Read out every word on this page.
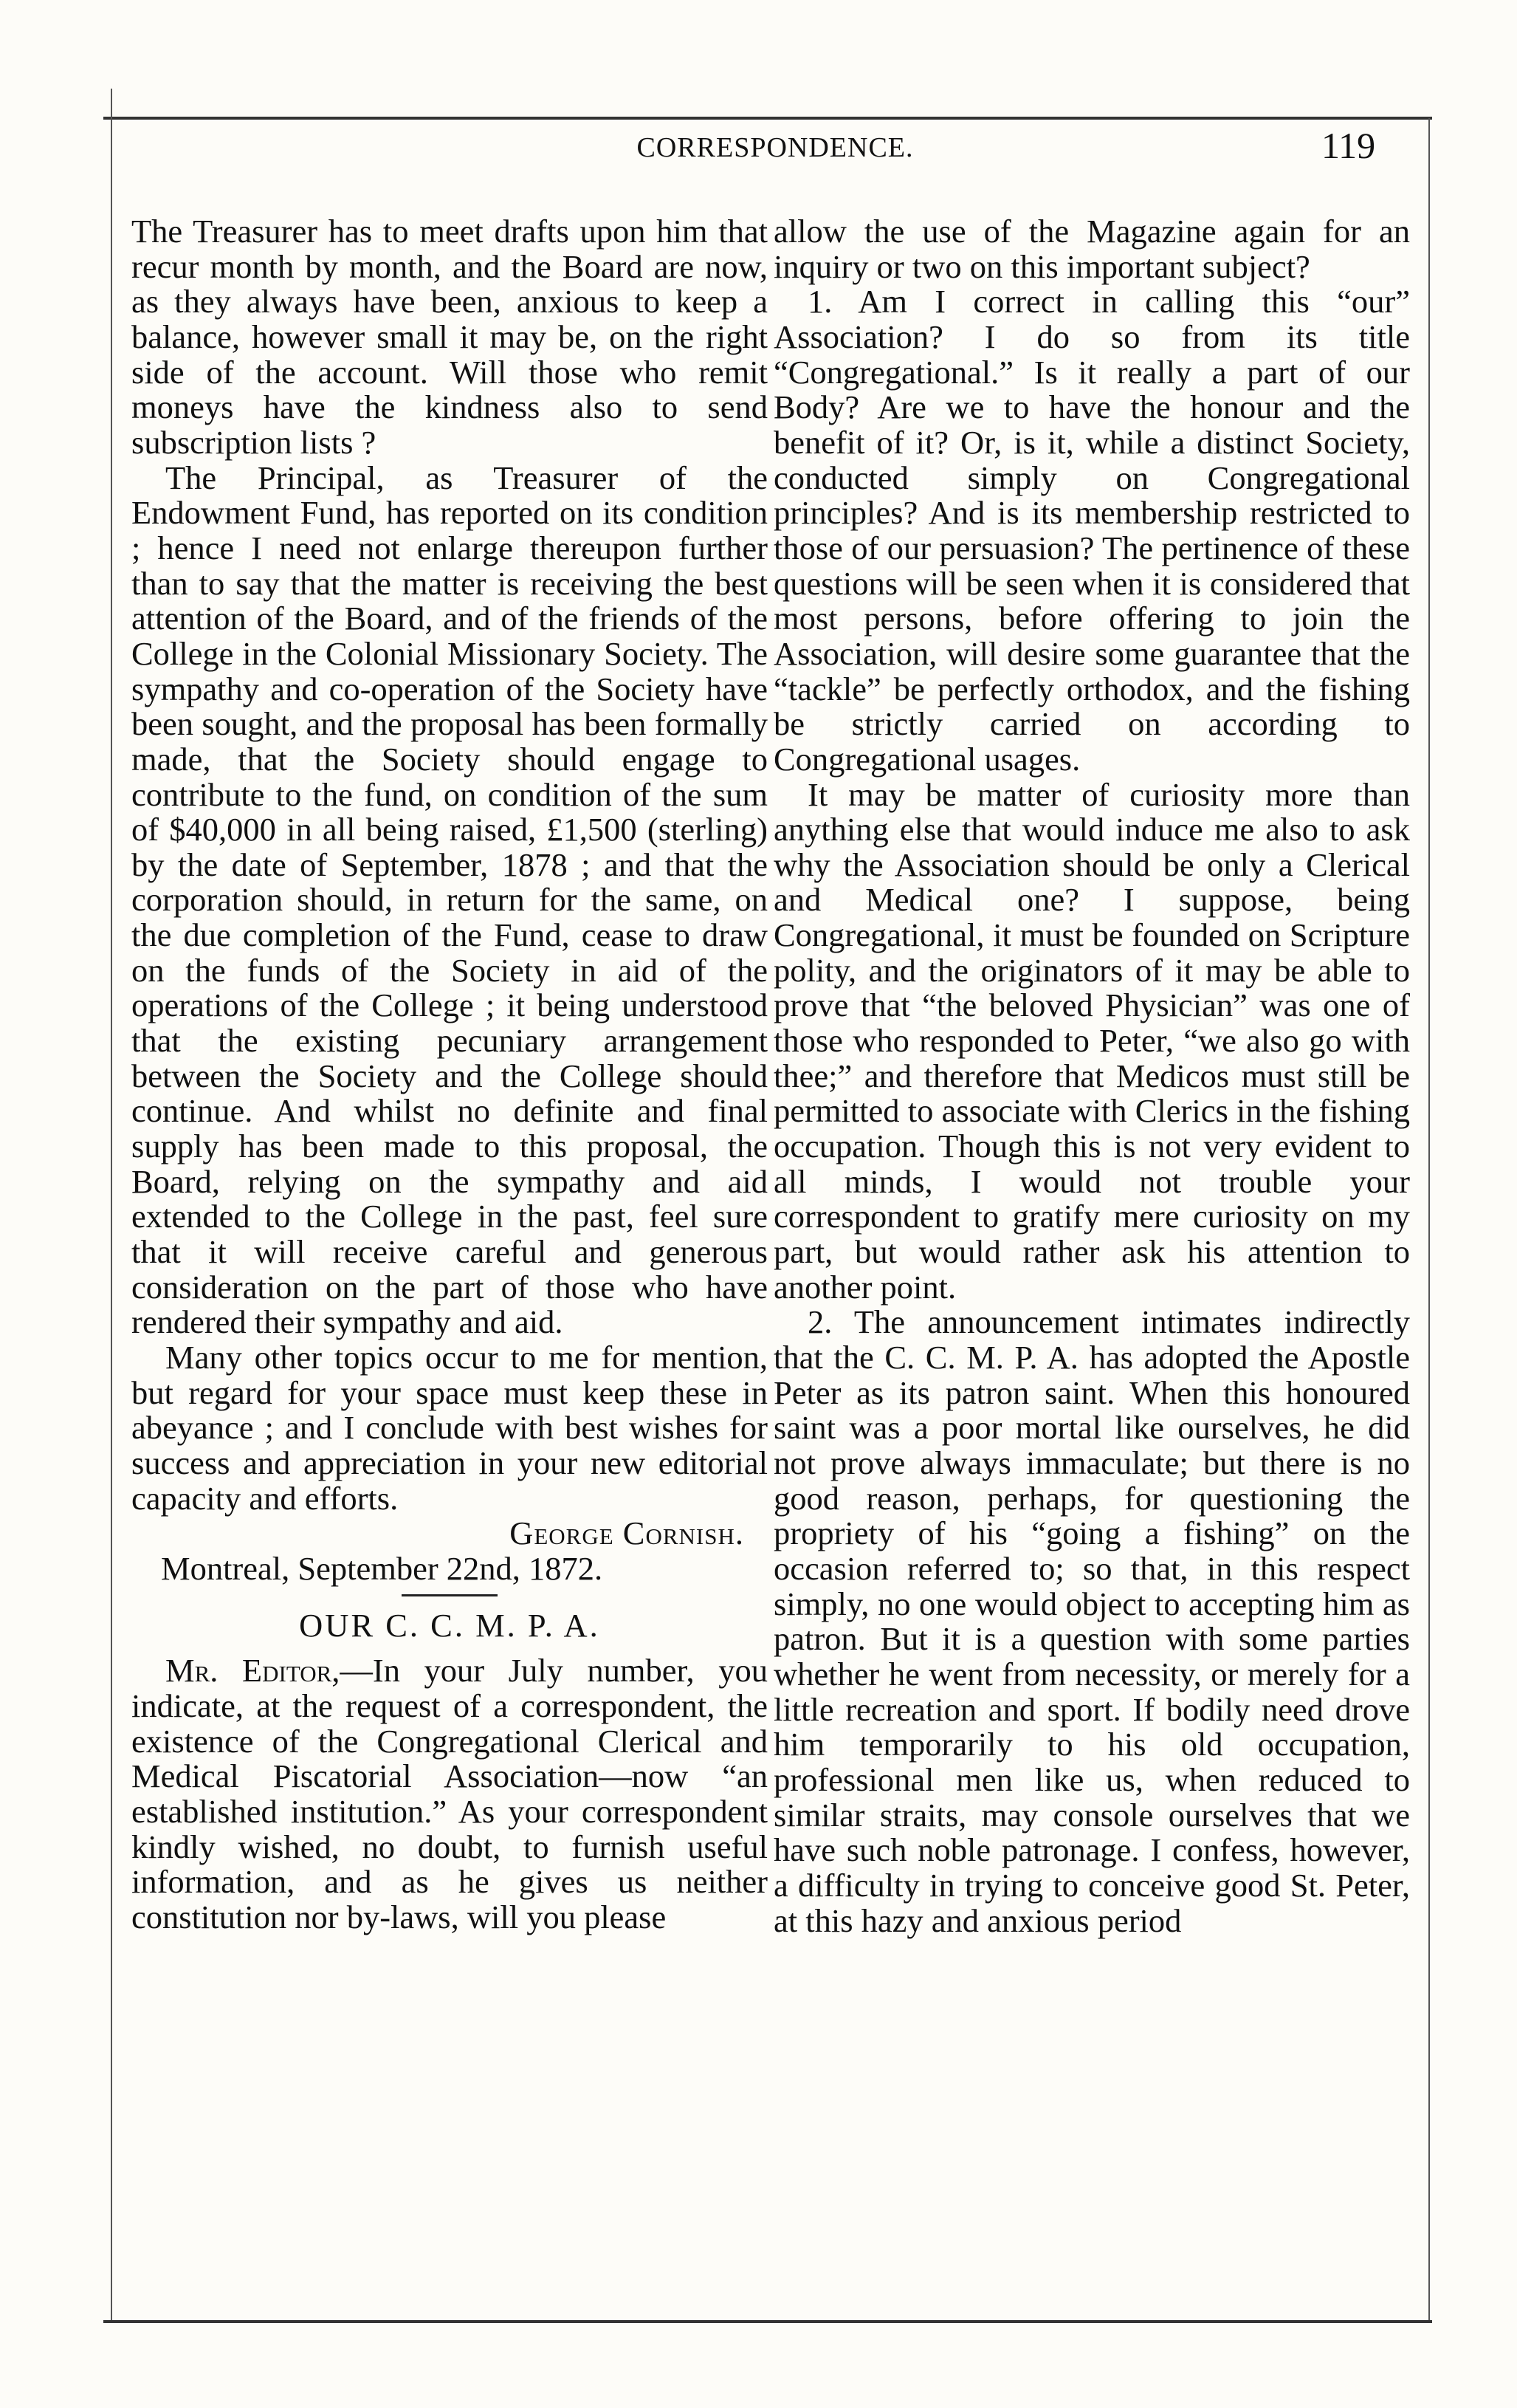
CORRESPONDENCE.	119

The Treasurer has to meet drafts upon him that recur month by month, and the Board are now, as they always have been, anxious to keep a balance, however small it may be, on the right side of the account. Will those who remit moneys have the kindness also to send subscription lists ?

The Principal, as Treasurer of the Endowment Fund, has reported on its condition ; hence I need not enlarge thereupon further than to say that the matter is receiving the best attention of the Board, and of the friends of the College in the Colonial Missionary Society. The sympathy and co-operation of the Society have been sought, and the proposal has been formally made, that the Society should engage to contribute to the fund, on condition of the sum of $40,000 in all being raised, £1,500 (sterling) by the date of September, 1878 ; and that the corporation should, in return for the same, on the due completion of the Fund, cease to draw on the funds of the Society in aid of the operations of the College ; it being understood that the existing pecuniary arrangement between the Society and the College should continue. And whilst no definite and final supply has been made to this proposal, the Board, relying on the sympathy and aid extended to the College in the past, feel sure that it will receive careful and generous consideration on the part of those who have rendered their sympathy and aid.

Many other topics occur to me for mention, but regard for your space must keep these in abeyance ; and I conclude with best wishes for success and appreciation in your new editorial capacity and efforts.

George Cornish.

Montreal, September 22nd, 1872.

OUR C. C. M. P. A.

Mr. Editor,—In your July number, you indicate, at the request of a correspondent, the existence of the Congregational Clerical and Medical Piscatorial Association—now “an established institution.” As your correspondent kindly wished, no doubt, to furnish useful information, and as he gives us neither constitution nor by-laws, will you please

allow the use of the Magazine again for an inquiry or two on this important subject?

1. Am I correct in calling this “our” Association? I do so from its title “Congregational.” Is it really a part of our Body? Are we to have the honour and the benefit of it? Or, is it, while a distinct Society, conducted simply on Congregational principles? And is its membership restricted to those of our persuasion? The pertinence of these questions will be seen when it is considered that most persons, before offering to join the Association, will desire some guarantee that the “tackle” be perfectly orthodox, and the fishing be strictly carried on according to Congregational usages.

It may be matter of curiosity more than anything else that would induce me also to ask why the Association should be only a Clerical and Medical one? I suppose, being Congregational, it must be founded on Scripture polity, and the originators of it may be able to prove that “the beloved Physician” was one of those who responded to Peter, “we also go with thee;” and therefore that Medicos must still be permitted to associate with Clerics in the fishing occupation. Though this is not very evident to all minds, I would not trouble your correspondent to gratify mere curiosity on my part, but would rather ask his attention to another point.

2. The announcement intimates indirectly that the C. C. M. P. A. has adopted the Apostle Peter as its patron saint. When this honoured saint was a poor mortal like ourselves, he did not prove always immaculate; but there is no good reason, perhaps, for questioning the propriety of his “going a fishing” on the occasion referred to; so that, in this respect simply, no one would object to accepting him as patron. But it is a question with some parties whether he went from necessity, or merely for a little recreation and sport. If bodily need drove him temporarily to his old occupation, professional men like us, when reduced to similar straits, may console ourselves that we have such noble patronage. I confess, however, a difficulty in trying to conceive good St. Peter, at this hazy and anxious period
